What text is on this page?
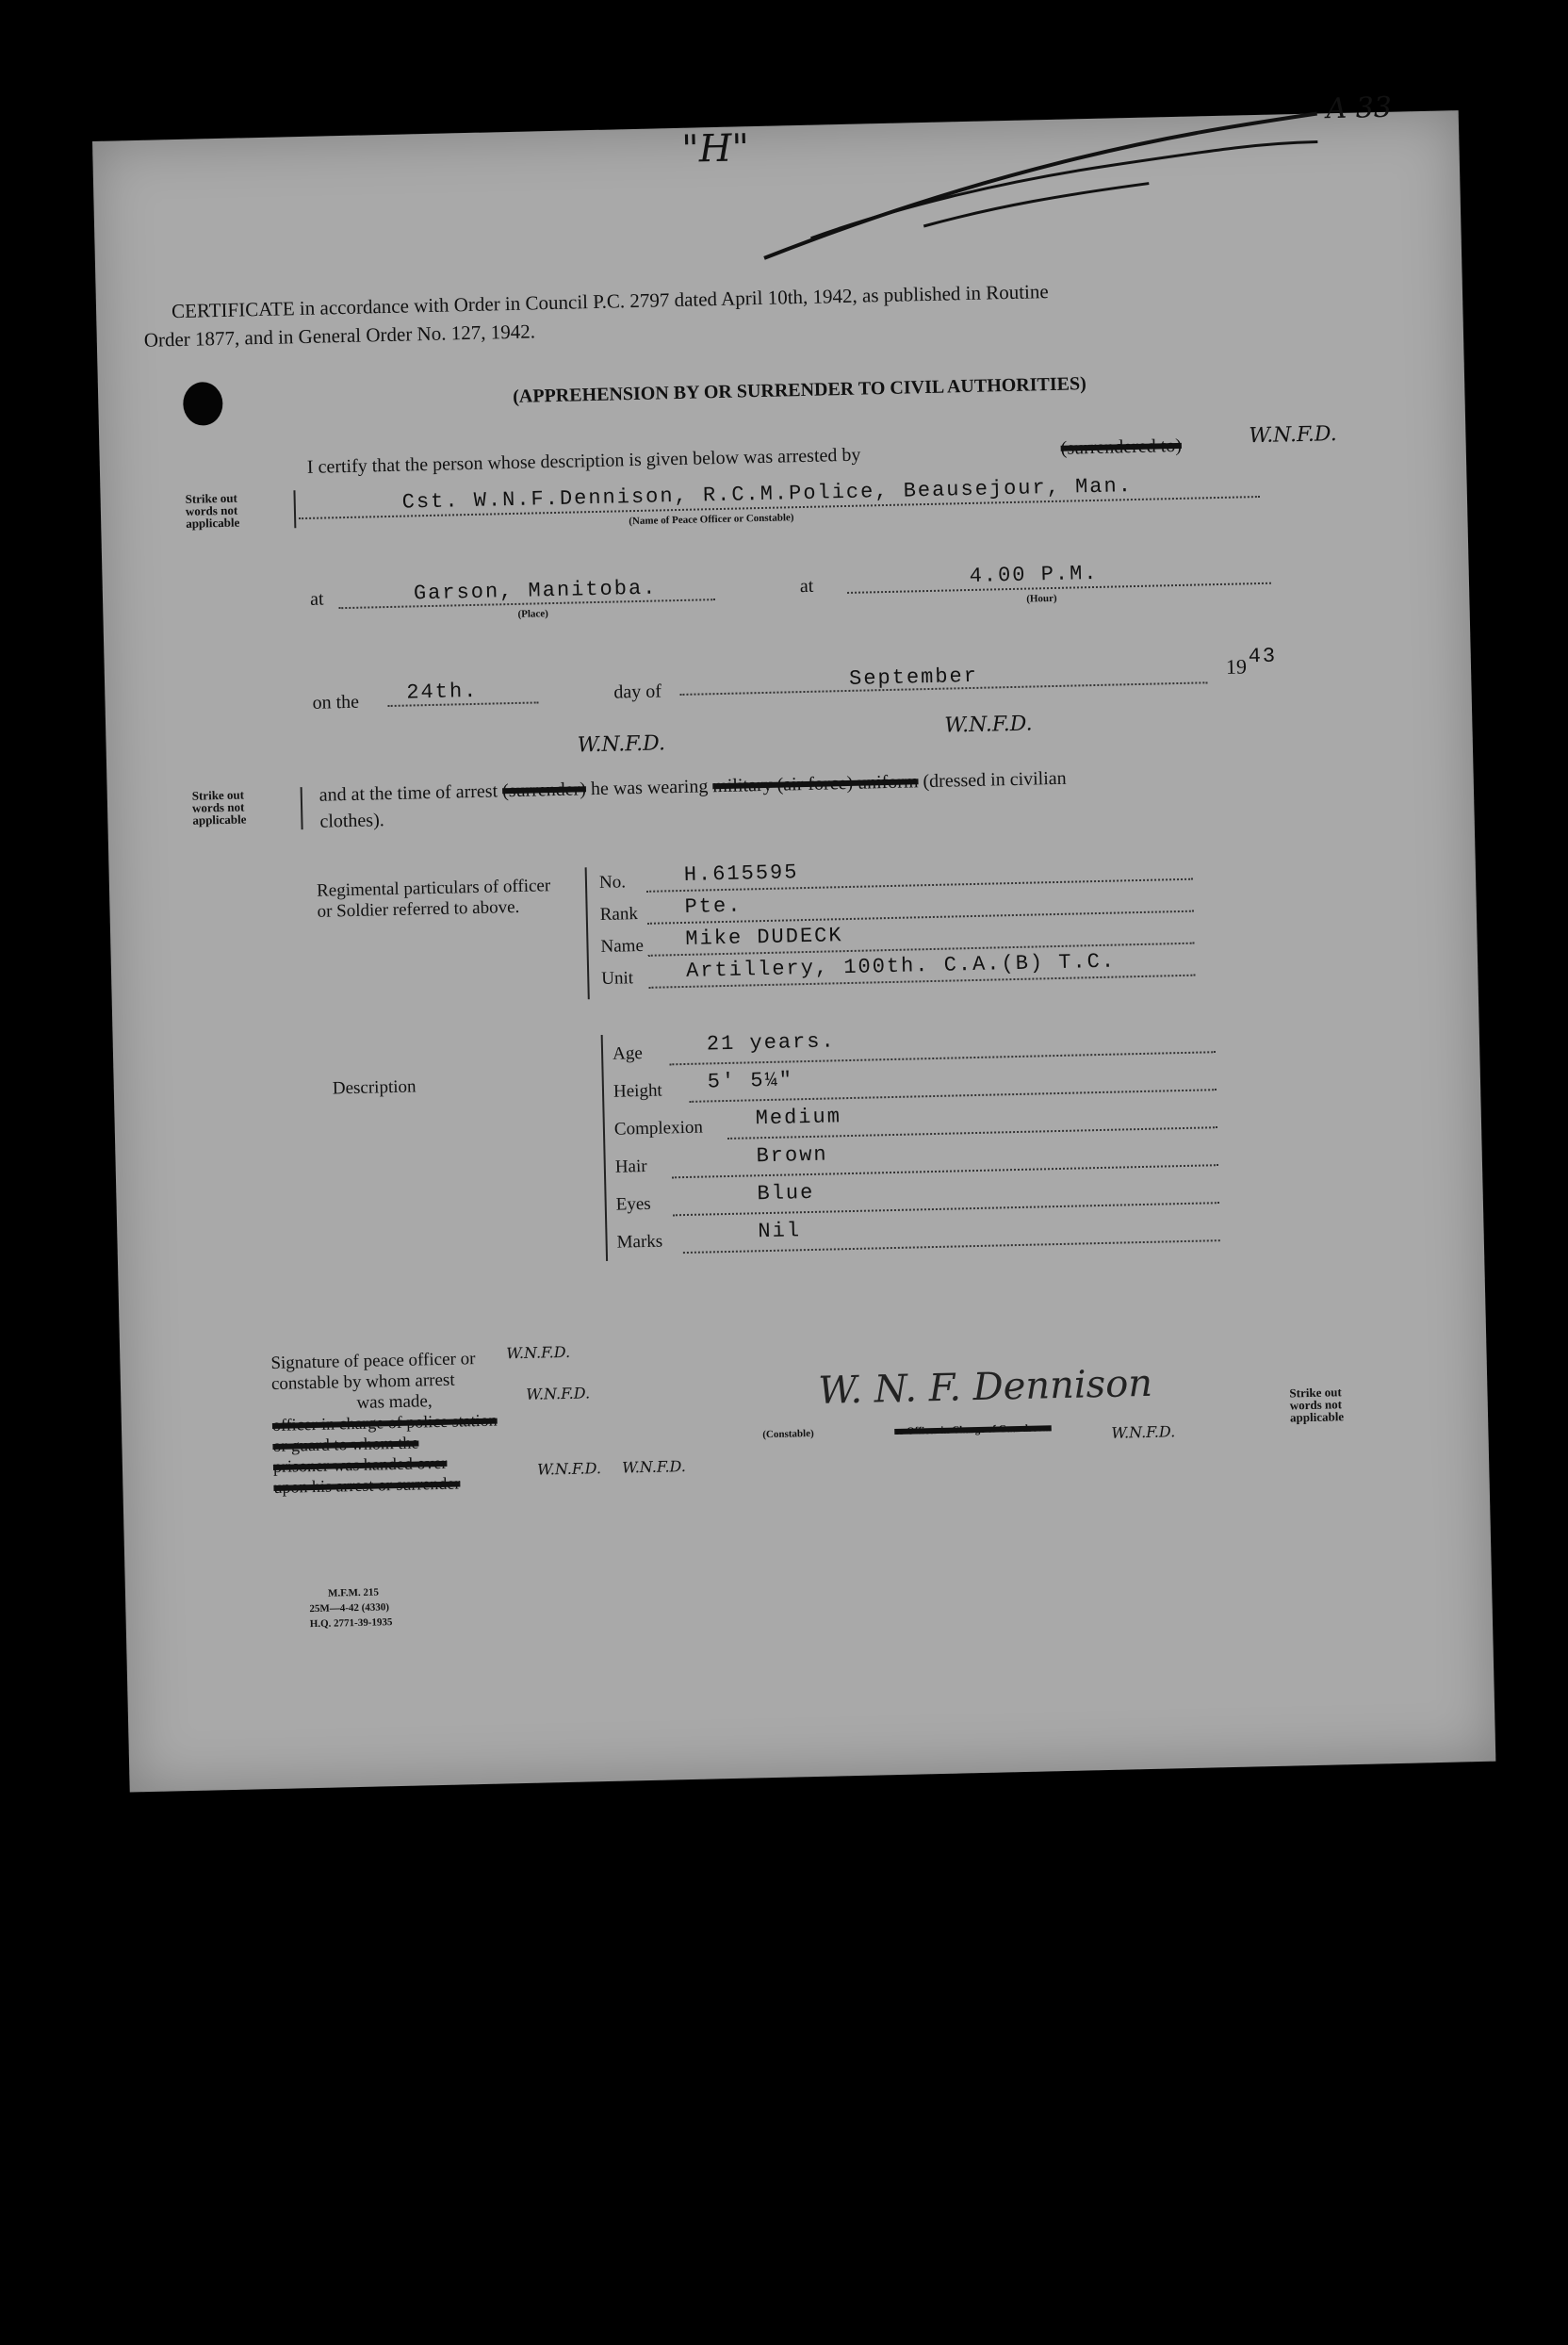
"H"
A 33
CERTIFICATE in accordance with Order in Council P.C. 2797 dated April 10th, 1942, as published in Routine
Order 1877, and in General Order No. 127, 1942.
(APPREHENSION BY OR SURRENDER TO CIVIL AUTHORITIES)
I certify that the person whose description is given below was arrested by	(surrendered to)	W.N.F.D.
Strike out words not applicable
Cst. W.N.F.Dennison, R.C.M.Police, Beausejour, Man.
(Name of Peace Officer or Constable)
at	Garson, Manitoba.
(Place)
at	4.00 P.M.
(Hour)
on the 24th.	day of
September	19 43
W.N.F.D.
W.N.F.D.
Strike out words not applicable
and at the time of arrest (surrender) he was wearing military (air force) uniform (dressed in civilian
clothes).
Regimental particulars of officer or Soldier referred to above.
No.	H.615595
Rank Pte.
Name Mike DUDECK
Unit	Artillery, 100th. C.A.(B) T.C.
Description
Age	21 years.
Height 5' 5¼"
Complexion	Medium
Hair	Brown
Eyes	Blue
Marks	Nil
Signature of peace officer or
constable by whom arrest
was made,
officer in charge of police station
or guard to whom the
prisoner was handed over
upon his arrest or surrender
W.N.F.D.
W.N.F.D.
W.N.F.D. W.N.F.D.
W.N.F.D.
W. N. F. Dennison
(Constable)	or Officer in Charge of Guardroom
Strike out words not applicable
M.F.M. 215
25M—4-42 (4330)
H.Q. 2771-39-1935
